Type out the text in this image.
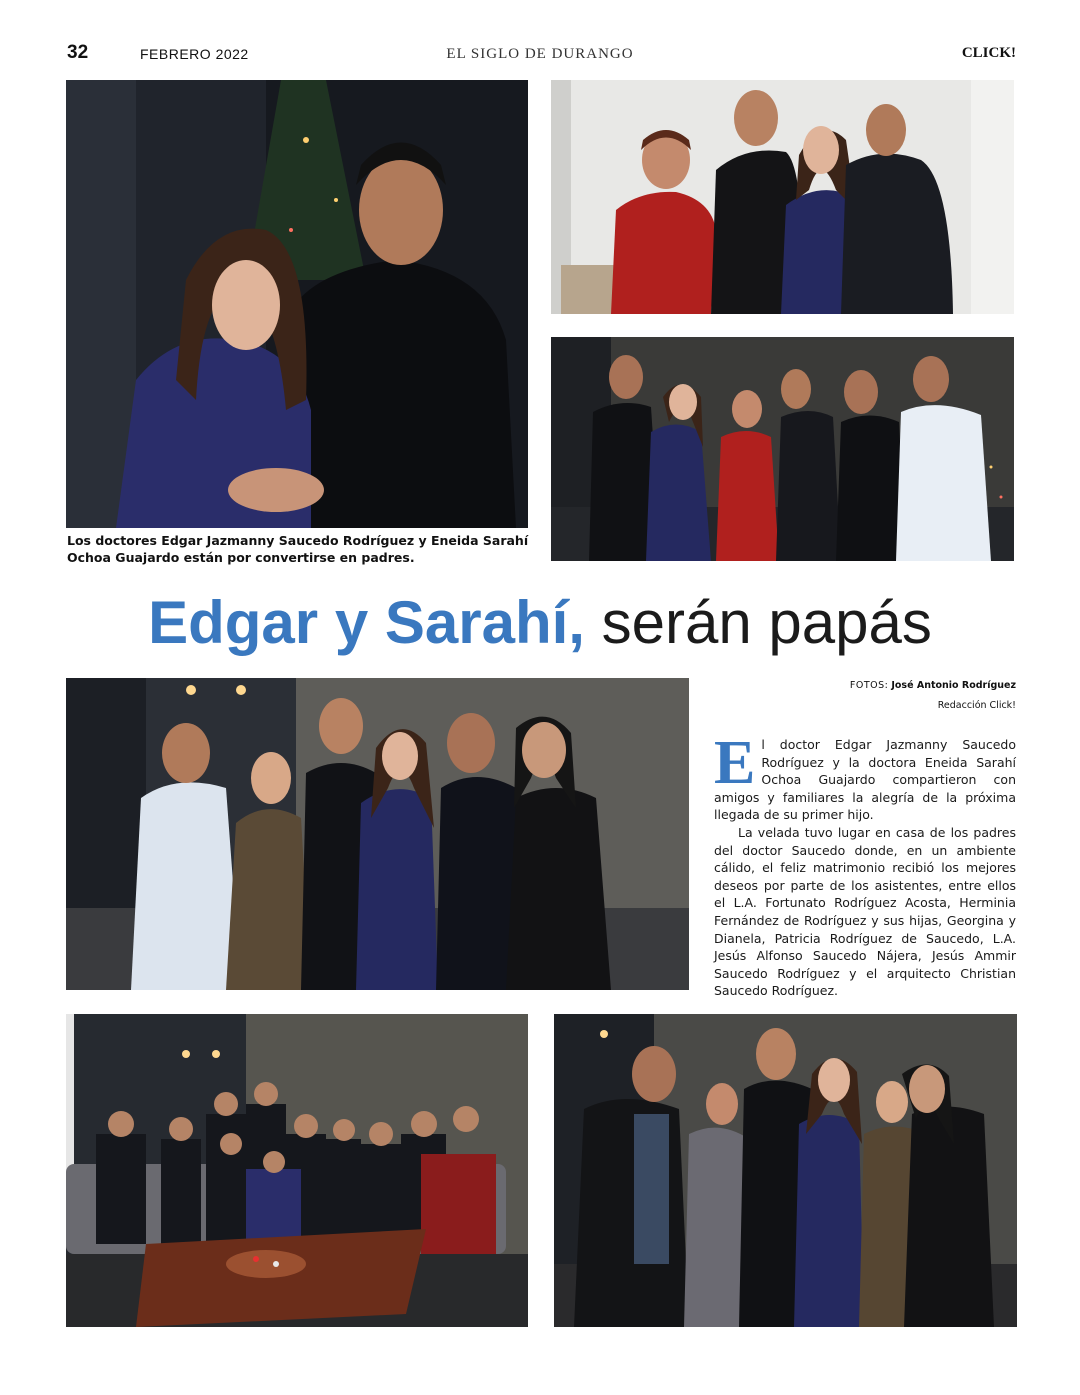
32	FEBRERO 2022	EL SIGLO DE DURANGO	CLICK!
Los doctores Edgar Jazmanny Saucedo Rodríguez y Eneida Sarahí Ochoa Guajardo están por convertirse en padres.
Edgar y Sarahí, serán papás
FOTOS: José Antonio Rodríguez
Redacción Click!

El doctor Edgar Jazmanny Saucedo Rodríguez y la doctora Eneida Sarahí Ochoa Guajardo compartieron con amigos y familiares la alegría de la próxima llegada de su primer hijo.

La velada tuvo lugar en casa de los padres del doctor Saucedo donde, en un ambiente cálido, el feliz matrimonio recibió los mejores deseos por parte de los asistentes, entre ellos el L.A. Fortunato Rodríguez Acosta, Herminia Fernández de Rodríguez y sus hijas, Georgina y Dianela, Patricia Rodríguez de Saucedo, L.A. Jesús Alfonso Saucedo Nájera, Jesús Ammir Saucedo Rodríguez y el arquitecto Christian Saucedo Rodríguez.
